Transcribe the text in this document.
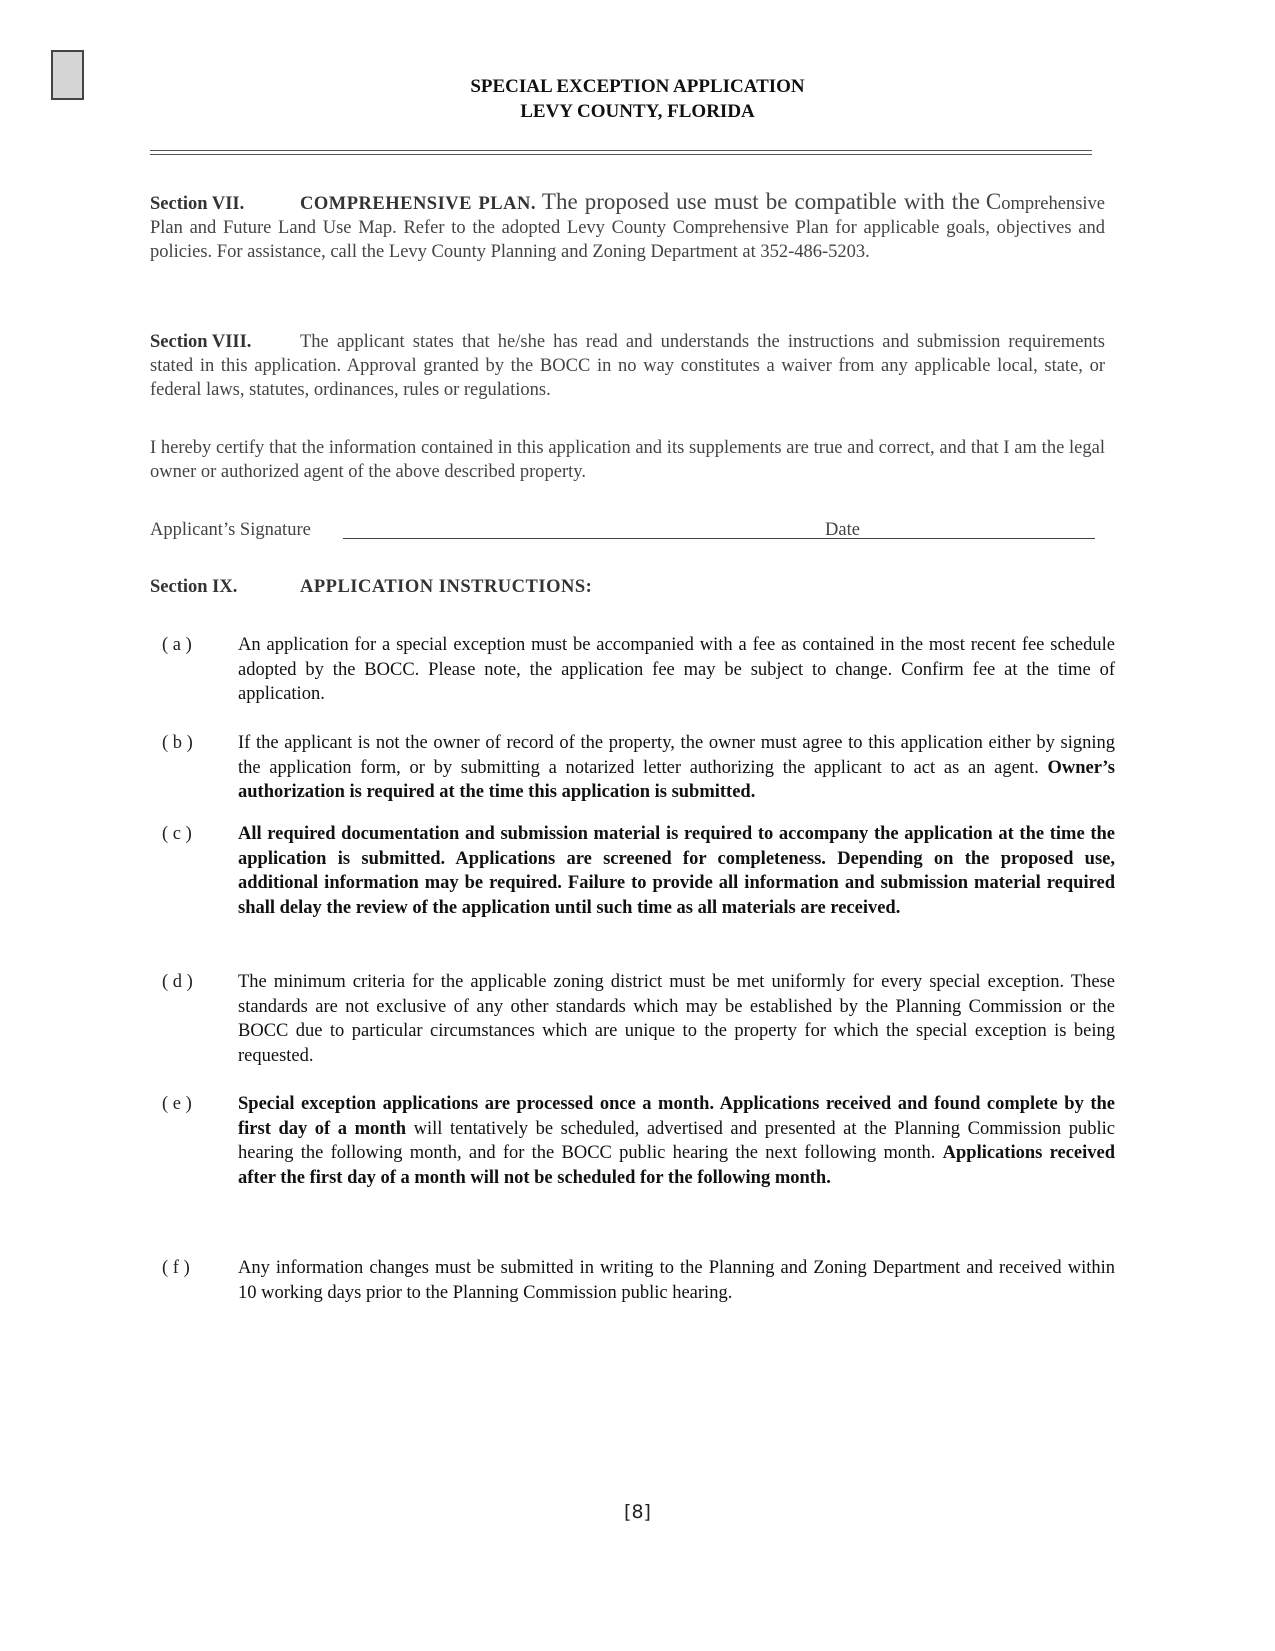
SPECIAL EXCEPTION APPLICATION
LEVY COUNTY, FLORIDA
Section VII.	COMPREHENSIVE PLAN. The proposed use must be compatible with the Comprehensive Plan and Future Land Use Map. Refer to the adopted Levy County Comprehensive Plan for applicable goals, objectives and policies. For assistance, call the Levy County Planning and Zoning Department at 352-486-5203.
Section VIII.	The applicant states that he/she has read and understands the instructions and submission requirements stated in this application. Approval granted by the BOCC in no way constitutes a waiver from any applicable local, state, or federal laws, statutes, ordinances, rules or regulations.
I hereby certify that the information contained in this application and its supplements are true and correct, and that I am the legal owner or authorized agent of the above described property.
Applicant’s Signature	Date
Section IX.	APPLICATION INSTRUCTIONS:
( a ) An application for a special exception must be accompanied with a fee as contained in the most recent fee schedule adopted by the BOCC. Please note, the application fee may be subject to change. Confirm fee at the time of application.
( b ) If the applicant is not the owner of record of the property, the owner must agree to this application either by signing the application form, or by submitting a notarized letter authorizing the applicant to act as an agent. Owner’s authorization is required at the time this application is submitted.
( c ) All required documentation and submission material is required to accompany the application at the time the application is submitted. Applications are screened for completeness. Depending on the proposed use, additional information may be required. Failure to provide all information and submission material required shall delay the review of the application until such time as all materials are received.
( d ) The minimum criteria for the applicable zoning district must be met uniformly for every special exception. These standards are not exclusive of any other standards which may be established by the Planning Commission or the BOCC due to particular circumstances which are unique to the property for which the special exception is being requested.
( e ) Special exception applications are processed once a month. Applications received and found complete by the first day of a month will tentatively be scheduled, advertised and presented at the Planning Commission public hearing the following month, and for the BOCC public hearing the next following month. Applications received after the first day of a month will not be scheduled for the following month.
( f )	Any information changes must be submitted in writing to the Planning and Zoning Department and received within 10 working days prior to the Planning Commission public hearing.
[8]
